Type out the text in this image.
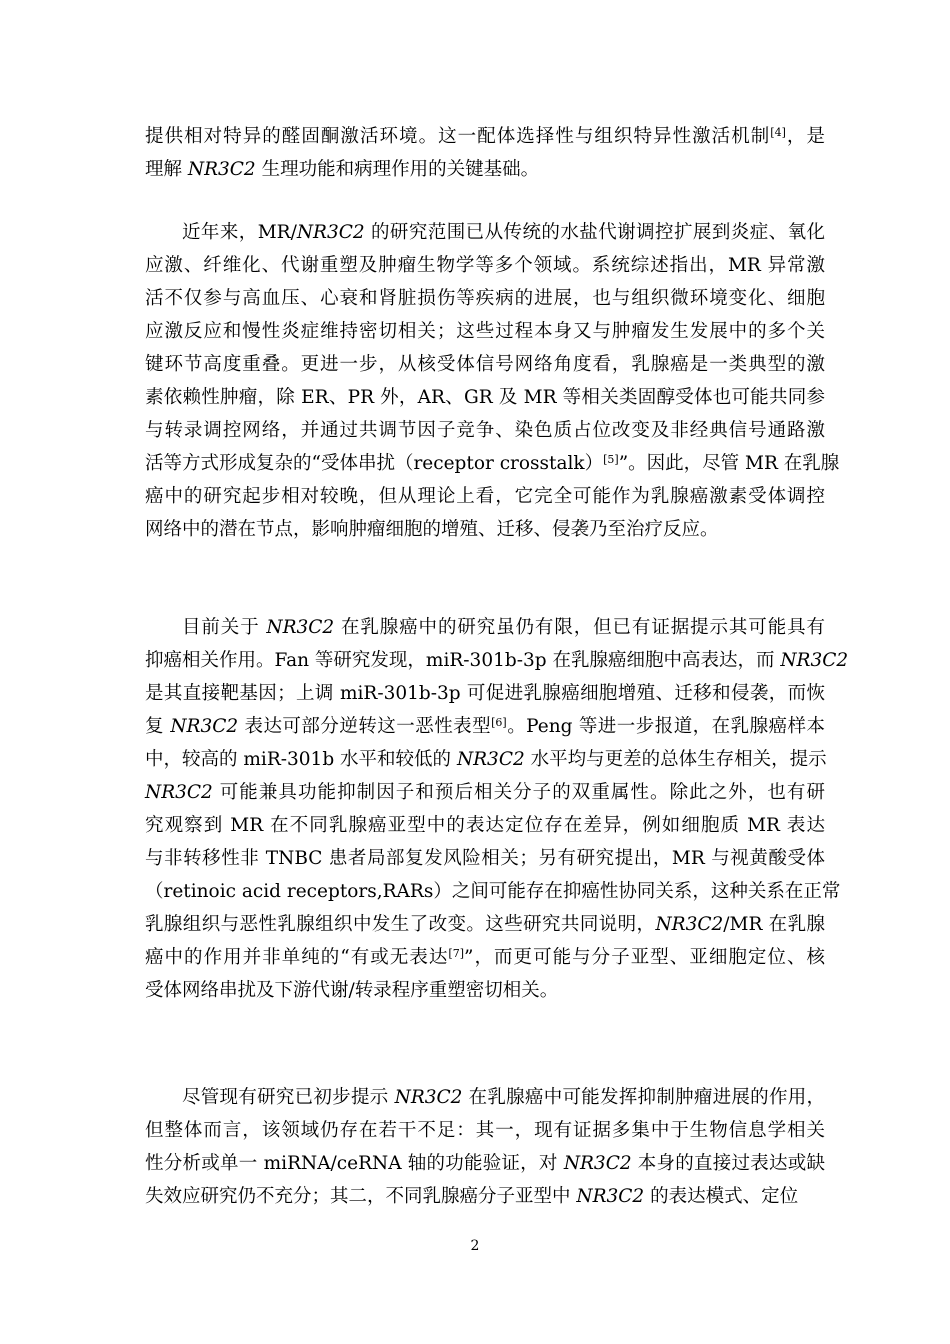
提供相对特异的醛固酮激活环境。这一配体选择性与组织特异性激活机制[4]，是
理解 NR3C2 生理功能和病理作用的关键基础。
近年来，MR/NR3C2 的研究范围已从传统的水盐代谢调控扩展到炎症、氧化
应激、纤维化、代谢重塑及肿瘤生物学等多个领域。系统综述指出，MR 异常激
活不仅参与高血压、心衰和肾脏损伤等疾病的进展，也与组织微环境变化、细胞
应激反应和慢性炎症维持密切相关；这些过程本身又与肿瘤发生发展中的多个关
键环节高度重叠。更进一步，从核受体信号网络角度看，乳腺癌是一类典型的激
素依赖性肿瘤，除 ER、PR 外，AR、GR 及 MR 等相关类固醇受体也可能共同参
与转录调控网络，并通过共调节因子竞争、染色质占位改变及非经典信号通路激
活等方式形成复杂的“受体串扰（receptor crosstalk）[5]”。因此，尽管 MR 在乳腺
癌中的研究起步相对较晚，但从理论上看，它完全可能作为乳腺癌激素受体调控
网络中的潜在节点，影响肿瘤细胞的增殖、迁移、侵袭乃至治疗反应。
目前关于 NR3C2 在乳腺癌中的研究虽仍有限，但已有证据提示其可能具有
抑癌相关作用。Fan 等研究发现，miR-301b-3p 在乳腺癌细胞中高表达，而 NR3C2
是其直接靶基因；上调 miR-301b-3p 可促进乳腺癌细胞增殖、迁移和侵袭，而恢
复 NR3C2 表达可部分逆转这一恶性表型[6]。Peng 等进一步报道，在乳腺癌样本
中，较高的 miR-301b 水平和较低的 NR3C2 水平均与更差的总体生存相关，提示
NR3C2 可能兼具功能抑制因子和预后相关分子的双重属性。除此之外，也有研
究观察到 MR 在不同乳腺癌亚型中的表达定位存在差异，例如细胞质 MR 表达
与非转移性非 TNBC 患者局部复发风险相关；另有研究提出，MR 与视黄酸受体
（retinoic acid receptors,RARs）之间可能存在抑癌性协同关系，这种关系在正常
乳腺组织与恶性乳腺组织中发生了改变。这些研究共同说明，NR3C2/MR 在乳腺
癌中的作用并非单纯的“有或无表达[7]”，而更可能与分子亚型、亚细胞定位、核
受体网络串扰及下游代谢/转录程序重塑密切相关。
尽管现有研究已初步提示 NR3C2 在乳腺癌中可能发挥抑制肿瘤进展的作用，
但整体而言，该领域仍存在若干不足：其一，现有证据多集中于生物信息学相关
性分析或单一 miRNA/ceRNA 轴的功能验证，对 NR3C2 本身的直接过表达或缺
失效应研究仍不充分；其二，不同乳腺癌分子亚型中 NR3C2 的表达模式、定位
2
